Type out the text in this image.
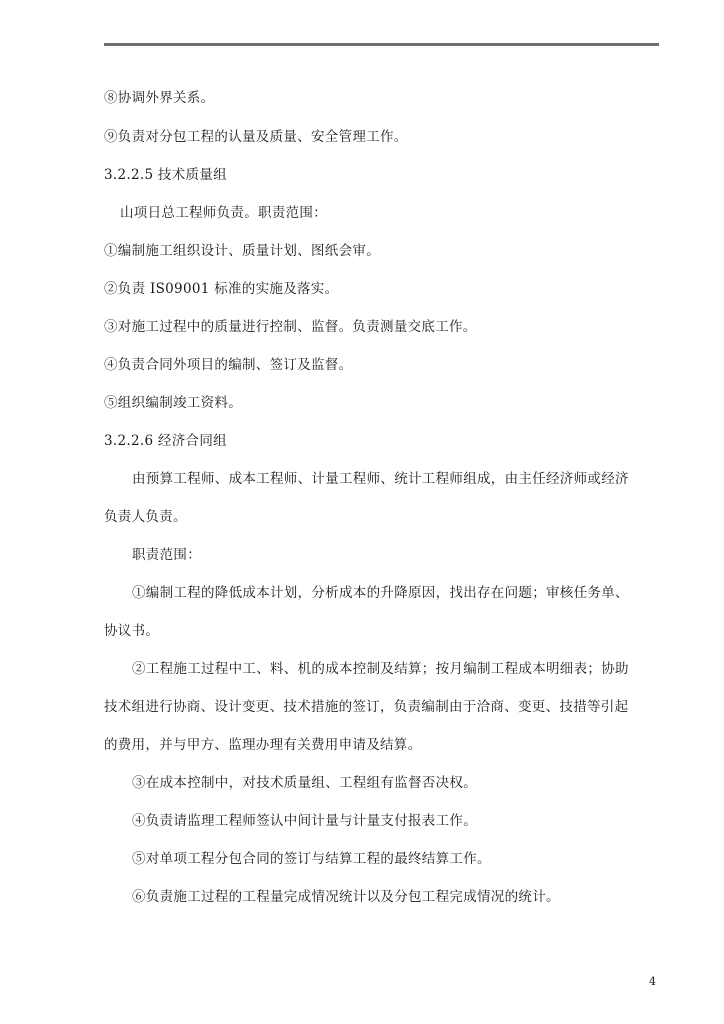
⑧协调外界关系。
⑨负责对分包工程的认量及质量、安全管理工作。
3.2.2.5 技术质量组
山项日总工程师负责。职责范围：
①编制施工组织设计、质量计划、图纸会审。
②负责 IS09001 标准的实施及落实。
③对施工过程中的质量进行控制、监督。负责测量交底工作。
④负责合同外项目的编制、签订及监督。
⑤组织编制竣工资料。
3.2.2.6 经济合同组
由预算工程师、成本工程师、计量工程师、统计工程师组成，由主任经济师或经济
负责人负责。
职责范围：
①编制工程的降低成本计划，分析成本的升降原因，找出存在问题；审核任务单、
协议书。
②工程施工过程中工、料、机的成本控制及结算；按月编制工程成本明细表；协助
技术组进行协商、设计变更、技术措施的签订，负责编制由于洽商、变更、技措等引起
的费用，并与甲方、监理办理有关费用申请及结算。
③在成本控制中，对技术质量组、工程组有监督否决权。
④负责请监理工程师签认中间计量与计量支付报表工作。
⑤对单项工程分包合同的签订与结算工程的最终结算工作。
⑥负责施工过程的工程量完成情况统计以及分包工程完成情况的统计。
4
